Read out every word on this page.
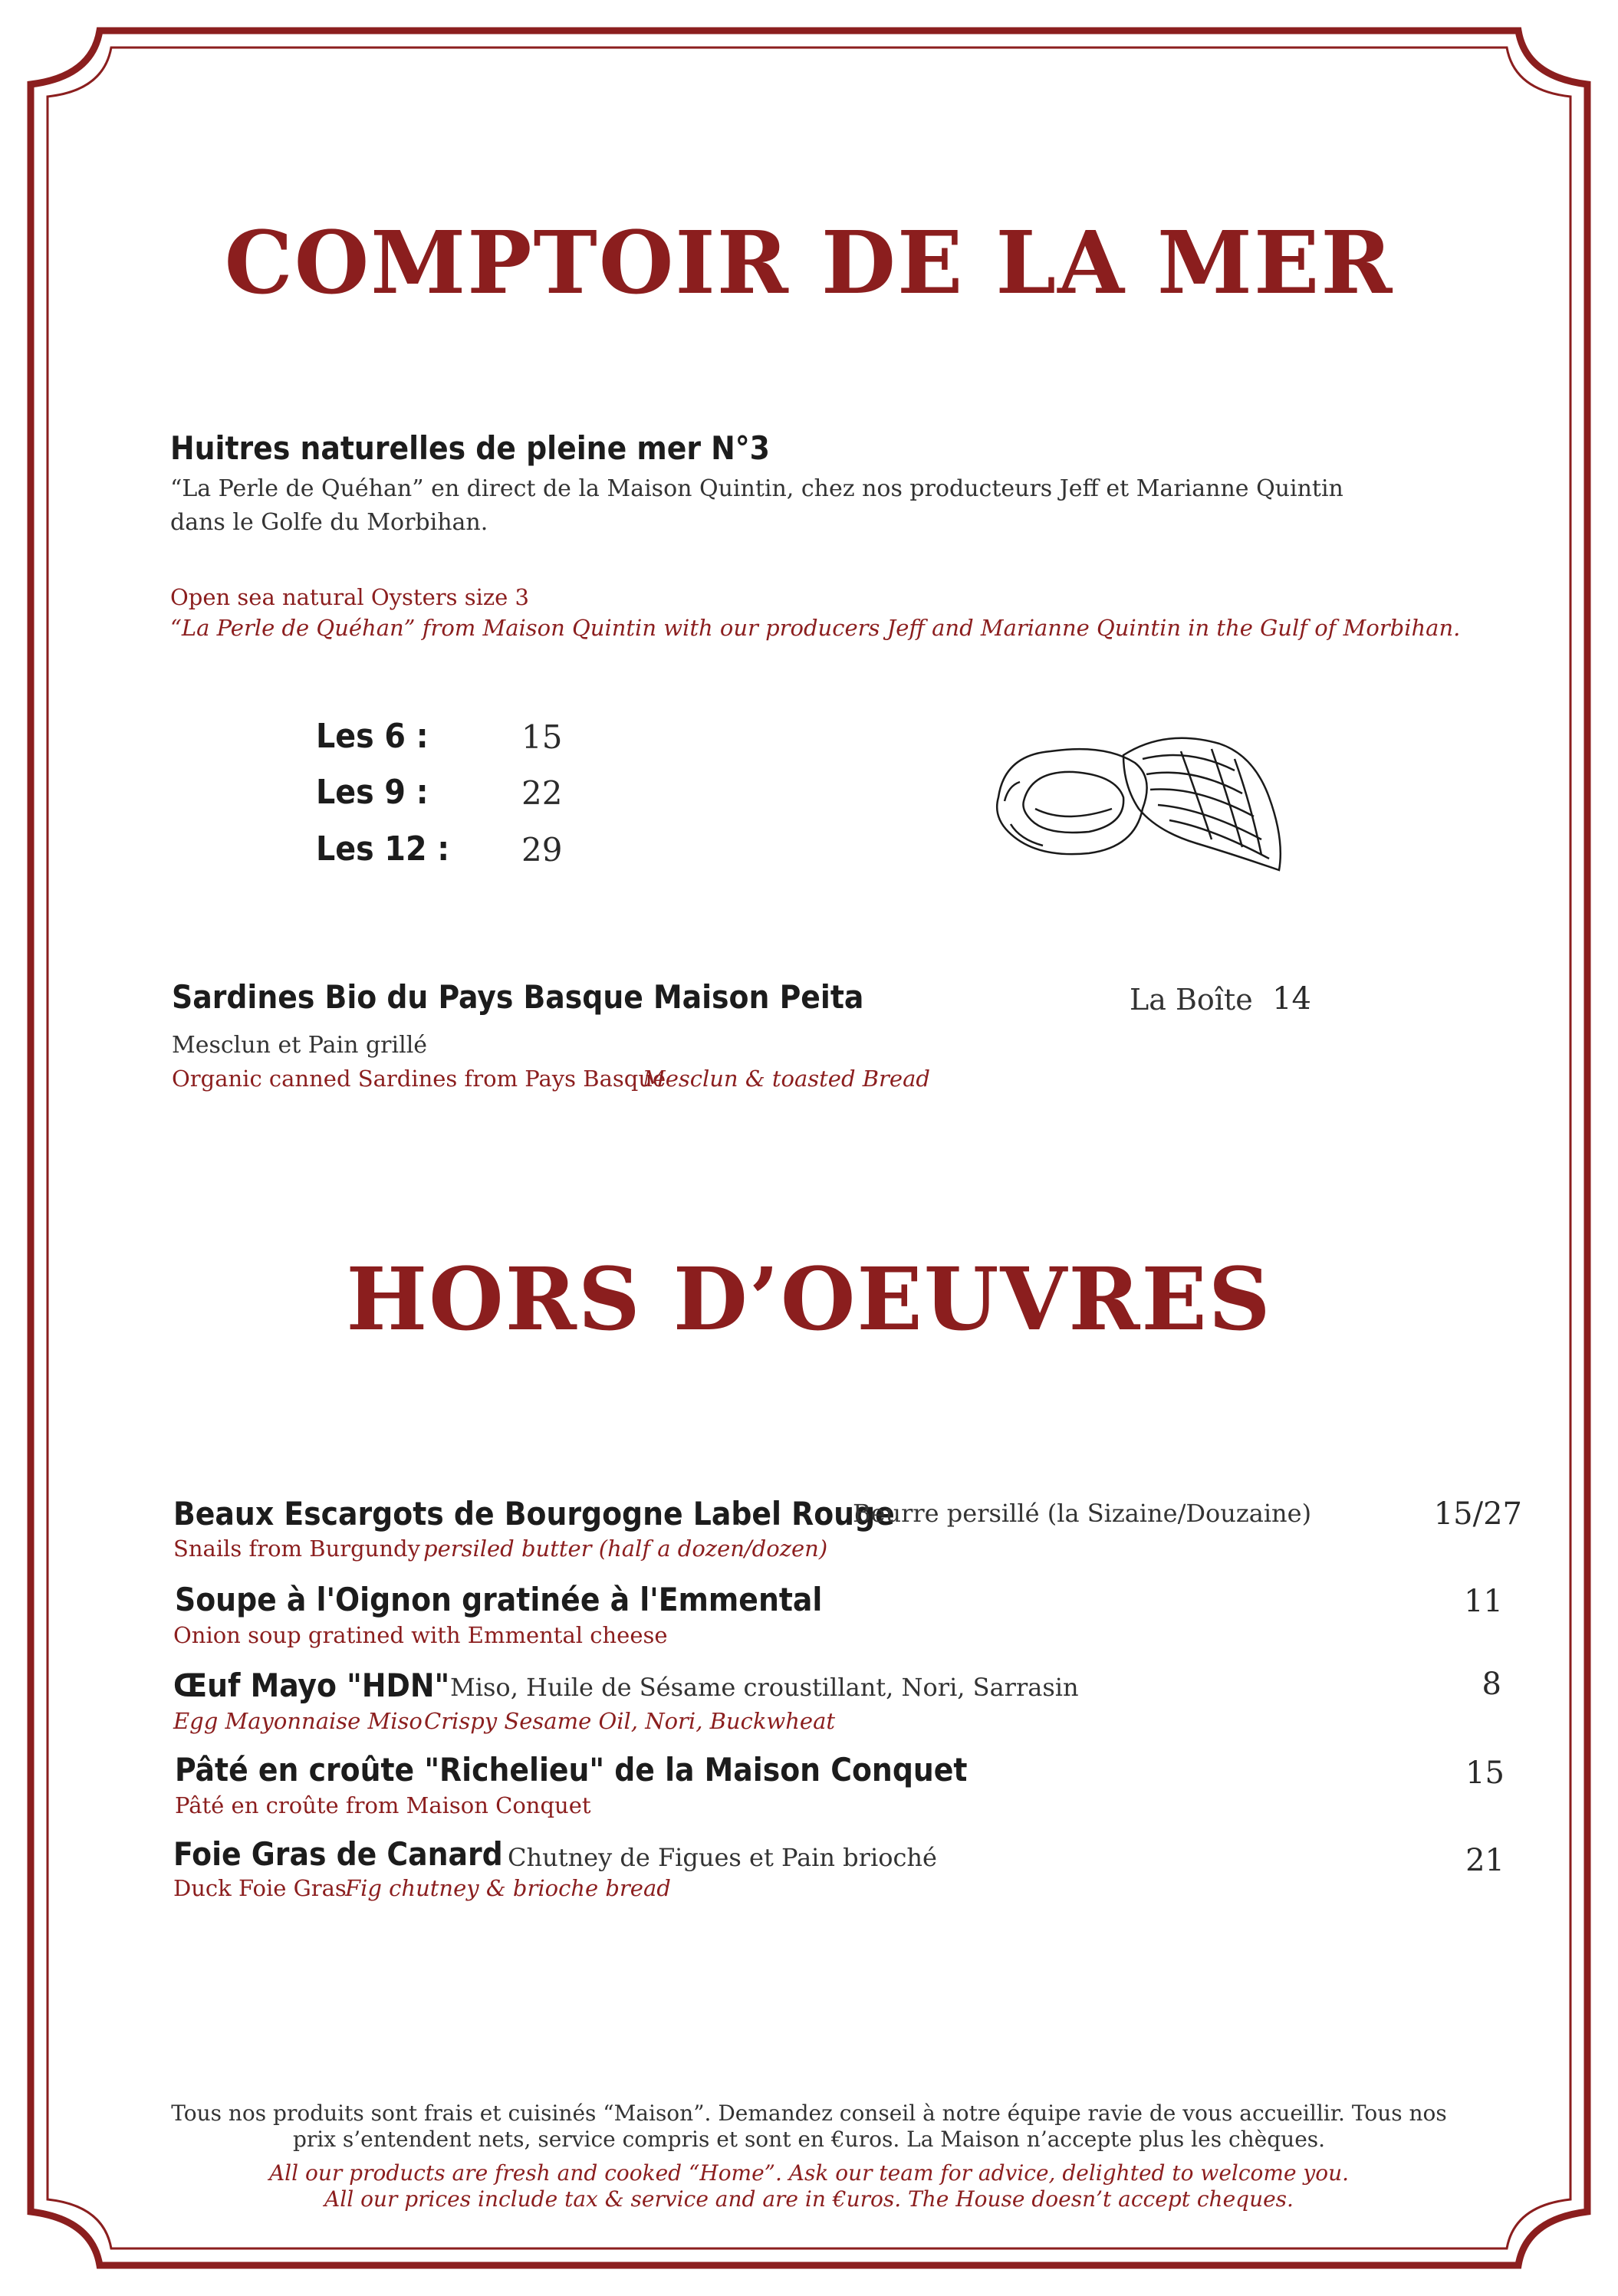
COMPTOIR DE LA MER
Huitres naturelles de pleine mer N°3
“La Perle de Quéhan” en direct de la Maison Quintin, chez nos producteurs Jeff et Marianne Quintin
dans le Golfe du Morbihan.
Open sea natural Oysters size 3
“La Perle de Quéhan” from Maison Quintin with our producers Jeff and Marianne Quintin in the Gulf of Morbihan.
Les 6 :	15
Les 9 :	22
Les 12 : 29
Sardines Bio du Pays Basque Maison Peita	La Boîte 14
Mesclun et Pain grillé
Organic canned Sardines from Pays Basque
Mesclun & toasted Bread
HORS D’OEUVRES
Beaux Escargots de Bourgogne Label Rouge
Beurre persillé (la Sizaine/Douzaine)	15/27
Snails from Burgundy persiled butter (half a dozen/dozen)
Soupe à l'Oignon gratinée à l'Emmental	11
Onion soup gratined with Emmental cheese
Œuf Mayo "HDN" Miso, Huile de Sésame croustillant, Nori, Sarrasin	8
Egg Mayonnaise Miso Crispy Sesame Oil, Nori, Buckwheat
Pâté en croûte "Richelieu" de la Maison Conquet	15
Pâté en croûte from Maison Conquet
Foie Gras de Canard Chutney de Figues et Pain brioché	21
Duck Foie Gras
Fig chutney & brioche bread
Tous nos produits sont frais et cuisinés “Maison”. Demandez conseil à notre équipe ravie de vous accueillir. Tous nos
prix s’entendent nets, service compris et sont en €uros. La Maison n’accepte plus les chèques.
All our products are fresh and cooked “Home”. Ask our team for advice, delighted to welcome you.
All our prices include tax & service and are in €uros. The House doesn’t accept cheques.
